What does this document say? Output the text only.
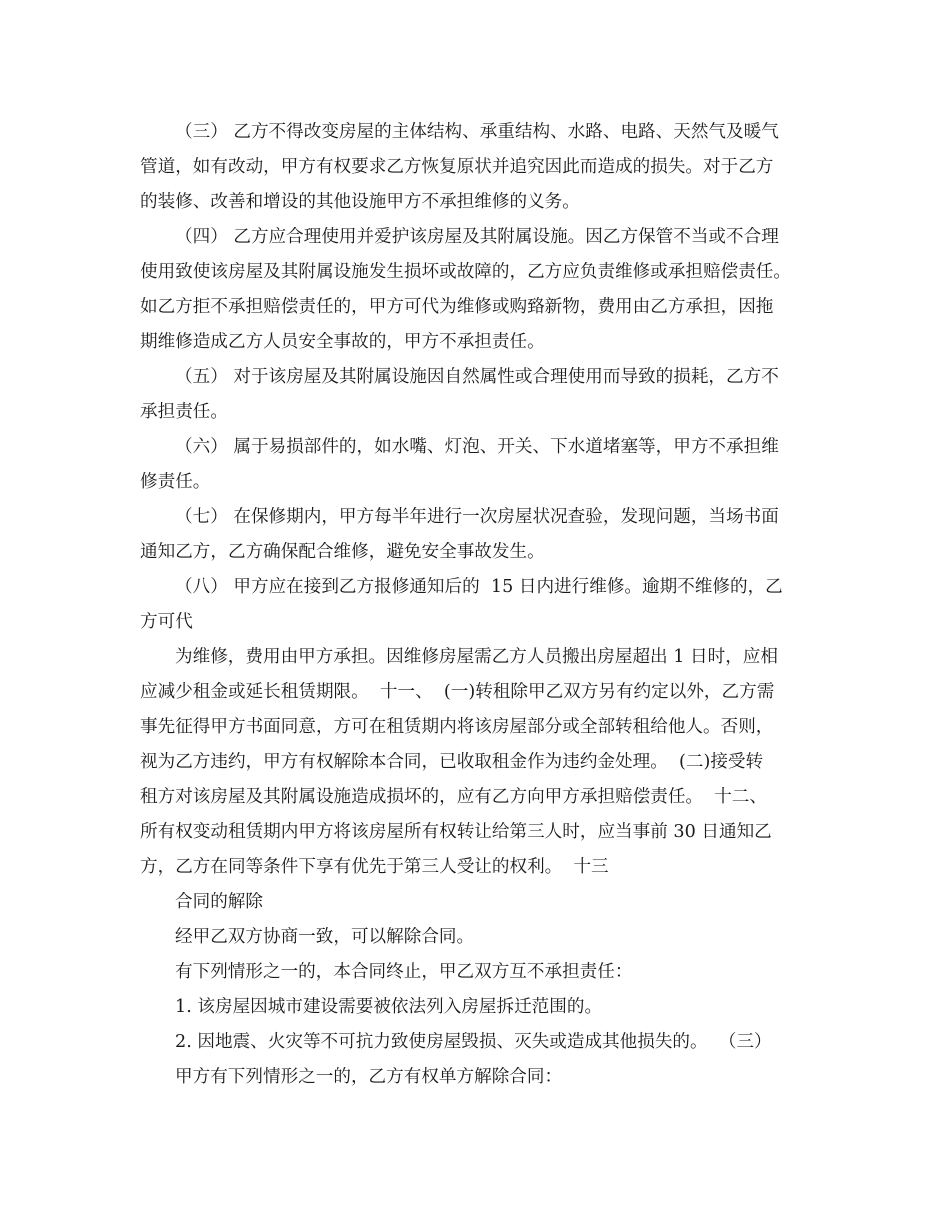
（三） 乙方不得改变房屋的主体结构、承重结构、水路、电路、天然气及暖气
管道，如有改动，甲方有权要求乙方恢复原状并追究因此而造成的损失。对于乙方
的装修、改善和增设的其他设施甲方不承担维修的义务。
（四） 乙方应合理使用并爱护该房屋及其附属设施。因乙方保管不当或不合理
使用致使该房屋及其附属设施发生损坏或故障的，乙方应负责维修或承担赔偿责任。
如乙方拒不承担赔偿责任的，甲方可代为维修或购臵新物，费用由乙方承担，因拖
期维修造成乙方人员安全事故的，甲方不承担责任。
（五） 对于该房屋及其附属设施因自然属性或合理使用而导致的损耗，乙方不
承担责任。
（六） 属于易损部件的，如水嘴、灯泡、开关、下水道堵塞等，甲方不承担维
修责任。
（七） 在保修期内，甲方每半年进行一次房屋状况查验，发现问题，当场书面
通知乙方，乙方确保配合维修，避免安全事故发生。
（八） 甲方应在接到乙方报修通知后的  15 日内进行维修。逾期不维修的，乙
方可代
为维修，费用由甲方承担。因维修房屋需乙方人员搬出房屋超出 1 日时，应相
应减少租金或延长租赁期限。  十一、  (一)转租除甲乙双方另有约定以外，乙方需
事先征得甲方书面同意，方可在租赁期内将该房屋部分或全部转租给他人。否则，
视为乙方违约，甲方有权解除本合同，已收取租金作为违约金处理。  (二)接受转
租方对该房屋及其附属设施造成损坏的，应有乙方向甲方承担赔偿责任。  十二、
所有权变动租赁期内甲方将该房屋所有权转让给第三人时，应当事前 30 日通知乙
方，乙方在同等条件下享有优先于第三人受让的权利。  十三
合同的解除
经甲乙双方协商一致，可以解除合同。
有下列情形之一的，本合同终止，甲乙双方互不承担责任：
1. 该房屋因城市建设需要被依法列入房屋拆迁范围的。
2. 因地震、火灾等不可抗力致使房屋毁损、灭失或造成其他损失的。  （三）
甲方有下列情形之一的，乙方有权单方解除合同：
